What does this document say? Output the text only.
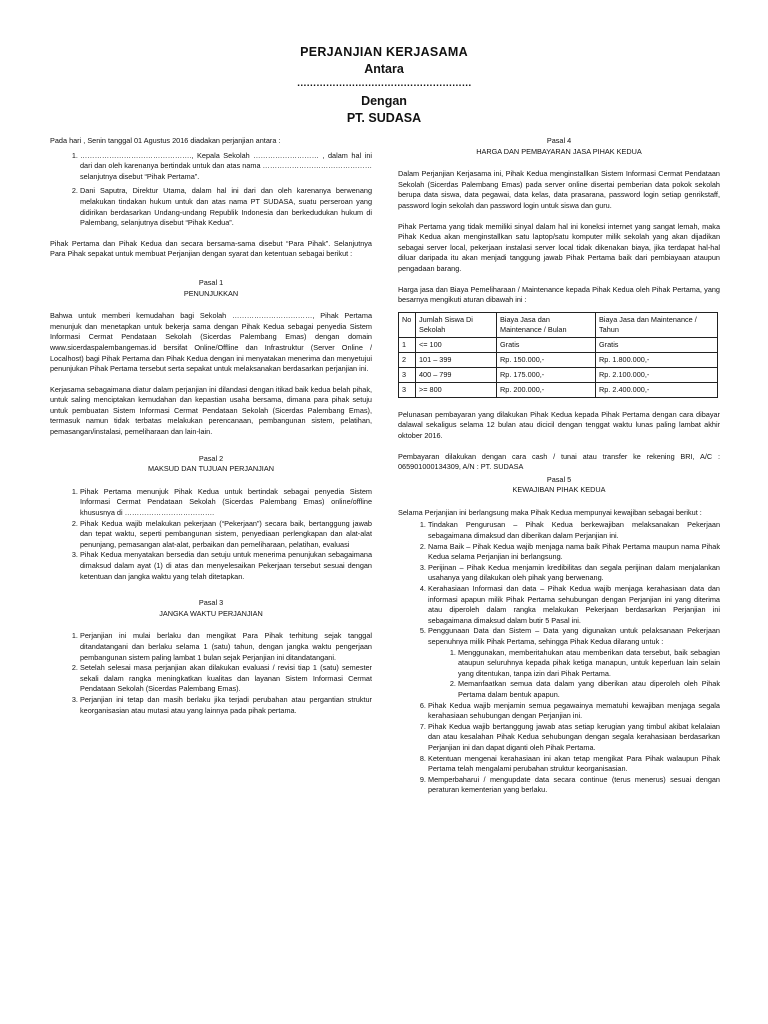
PERJANJIAN KERJASAMA
Antara
………………………………………………
Dengan
PT. SUDASA

Pada hari , Senin tanggal 01 Agustus 2016 diadakan perjanjian antara :

1. ………………………………………., Kepala Sekolah ……………………… , dalam hal ini dari dan oleh karenanya bertindak untuk dan atas nama ……………………………………… selanjutnya disebut “Pihak Pertama”.
2. Dani Saputra, Direktur Utama, dalam hal ini dari dan oleh karenanya berwenang melakukan tindakan hukum untuk dan atas nama PT SUDASA, suatu perseroan yang didirikan berdasarkan Undang-undang Republik Indonesia dan berkedudukan hukum di Palembang, selanjutnya disebut “Pihak Kedua”.

Pihak Pertama dan Pihak Kedua dan secara bersama-sama disebut “Para Pihak”. Selanjutnya Para Pihak sepakat untuk membuat Perjanjian dengan syarat dan ketentuan sebagai berikut :

Pasal 1
PENUNJUKKAN

Bahwa untuk memberi kemudahan bagi Sekolah ……………………………, Pihak Pertama menunjuk dan menetapkan untuk bekerja sama dengan Pihak Kedua sebagai penyedia Sistem Informasi Cermat Pendataan Sekolah (Sicerdas Palembang Emas) dengan domain www.sicerdaspalembangemas.id bersifat Online/Offline dan Infrastruktur (Server Online / Localhost) bagi Pihak Pertama dan Pihak Kedua dengan ini menyatakan menerima dan menyetujui penunjukan Pihak Pertama tersebut serta sepakat untuk melaksanakan berdasarkan perjanjian ini.

Kerjasama sebagaimana diatur dalam perjanjian ini dilandasi dengan itikad baik kedua belah pihak, untuk saling menciptakan kemudahan dan kepastian usaha bersama, dimana para pihak setuju untuk pembuatan Sistem Informasi Cermat Pendataan Sekolah (Sicerdas Palembang Emas), termasuk namun tidak terbatas melakukan perencanaan, pembangunan sistem, pelatihan, pemasangan/instalasi, pemeliharaan dan lain-lain.

Pasal 2
MAKSUD DAN TUJUAN PERJANJIAN
1. Pihak Pertama menunjuk Pihak Kedua untuk bertindak sebagai penyedia Sistem Informasi Cermat Pendataan Sekolah (Sicerdas Palembang Emas) online/offline khususnya di ……………………………….
2. Pihak Kedua wajib melakukan pekerjaan (“Pekerjaan”) secara baik, bertanggung jawab dan tepat waktu, seperti pembangunan sistem, penyediaan perlengkapan dan alat-alat penunjang, pemasangan alat-alat, perbaikan dan pemeliharaan, pelatihan, evaluasi
3. Pihak Kedua menyatakan bersedia dan setuju untuk menerima penunjukan sebagaimana dimaksud dalam ayat (1) di atas dan menyelesaikan Pekerjaan tersebut sesuai dengan ketentuan dan jangka waktu yang telah ditetapkan.
Pasal 3
JANGKA WAKTU PERJANJIAN
1. Perjanjian ini mulai berlaku dan mengikat Para Pihak terhitung sejak tanggal ditandatangani dan berlaku selama 1 (satu) tahun, dengan jangka waktu pengerjaan pembangunan sistem paling lambat 1 bulan sejak Perjanjian ini ditandatangani.
2. Setelah selesai masa perjanjian akan dilakukan evaluasi / revisi tiap 1 (satu) semester sekali dalam rangka meningkatkan kualitas dan layanan Sistem Informasi Cermat Pendataan Sekolah (Sicerdas Palembang Emas).
3. Perjanjian ini tetap dan masih berlaku jika terjadi perubahan atau pergantian struktur keorganisasian atau mutasi atau yang lainnya pada pihak pertama.
Pasal 4
HARGA DAN PEMBAYARAN JASA PIHAK KEDUA

Dalam Perjanjian Kerjasama ini, Pihak Kedua menginstallkan Sistem Informasi Cermat Pendataan Sekolah (Sicerdas Palembang Emas) pada server online disertai pemberian data pokok sekolah berupa data siswa, data pegawai, data kelas, data prasarana, password login setiap genrikstaff, password login sekolah dan password login untuk siswa dan guru.

Pihak Pertama yang tidak memiliki sinyal dalam hal ini koneksi internet yang sangat lemah, maka Pihak Kedua akan menginstallkan satu laptop/satu komputer milik sekolah yang akan dijadikan sebagai server local, pekerjaan instalasi server local tidak dikenakan biaya, jika terdapat hal-hal diluar daripada itu akan menjadi tanggung jawab Pihak Pertama baik dari pembiayaan ataupun pengadaan barang.

Harga jasa dan Biaya Pemeliharaan / Maintenance kepada Pihak Kedua oleh Pihak Pertama, yang besarnya mengikuti aturan dibawah ini :

No	Jumlah Siswa Di Sekolah	Biaya Jasa dan Maintenance / Bulan	Biaya Jasa dan Maintenance / Tahun
1	<= 100	Gratis	Gratis
2	101 – 399	Rp. 150.000,-	Rp. 1.800.000,-
3	400 – 799	Rp. 175.000,-	Rp. 2.100.000,-
3	>= 800	Rp. 200.000,-	Rp. 2.400.000,-

Pelunasan pembayaran yang dilakukan Pihak Kedua kepada Pihak Pertama dengan cara dibayar dalawal sekaligus selama 12 bulan atau dicicil dengan tenggat waktu lunas paling lambat akhir oktober 2016.

Pembayaran dilakukan dengan cara cash / tunai atau transfer ke rekening BRI, A/C : 065901000134309, A/N : PT. SUDASA

Pasal 5
KEWAJIBAN PIHAK KEDUA

Selama Perjanjian ini berlangsung maka Pihak Kedua mempunyai kewajiban sebagai berikut :

1. Tindakan Pengurusan – Pihak Kedua berkewajiban melaksanakan Pekerjaan sebagaimana dimaksud dan diberikan dalam Perjanjian ini.
2. Nama Baik – Pihak Kedua wajib menjaga nama baik Pihak Pertama maupun nama Pihak Kedua selama Perjanjian ini berlangsung.
3. Perijinan – Pihak Kedua menjamin kredibilitas dan segala perijinan dalam menjalankan usahanya yang dilakukan oleh pihak yang berwenang.
4. Kerahasiaan Informasi dan data – Pihak Kedua wajib menjaga kerahasiaan data dan informasi apapun milik Pihak Pertama sehubungan dengan Perjanjian ini yang diterima atau diperoleh dalam rangka melakukan Pekerjaan berdasarkan Perjanjian ini sebagaimana dimaksud dalam butir 5 Pasal ini.
5. Penggunaan Data dan Sistem – Data yang digunakan untuk pelaksanaan Pekerjaan sepenuhnya milik Pihak Pertama, sehingga Pihak Kedua dilarang untuk :
1. Menggunakan, memberitahukan atau memberikan data tersebut, baik sebagian ataupun seluruhnya kepada pihak ketiga manapun, untuk keperluan lain selain yang ditentukan, tanpa izin dari Pihak Pertama.
2. Memanfaatkan semua data dalam yang diberikan atau diperoleh oleh Pihak Pertama dalam bentuk apapun.
6. Pihak Kedua wajib menjamin semua pegawainya mematuhi kewajiban menjaga segala kerahasiaan sehubungan dengan Perjanjian ini.
7. Pihak Kedua wajib bertanggung jawab atas setiap kerugian yang timbul akibat kelalaian dan atau kesalahan Pihak Kedua sehubungan dengan segala kerahasiaan berdasarkan Perjanjian ini dan dapat diganti oleh Pihak Pertama.
8. Ketentuan mengenai kerahasiaan ini akan tetap mengikat Para Pihak walaupun Pihak Pertama telah mengalami perubahan struktur keorganisasian.
9. Memperbaharui / mengupdate data secara continue (terus menerus) sesuai dengan peraturan kementerian yang berlaku.
